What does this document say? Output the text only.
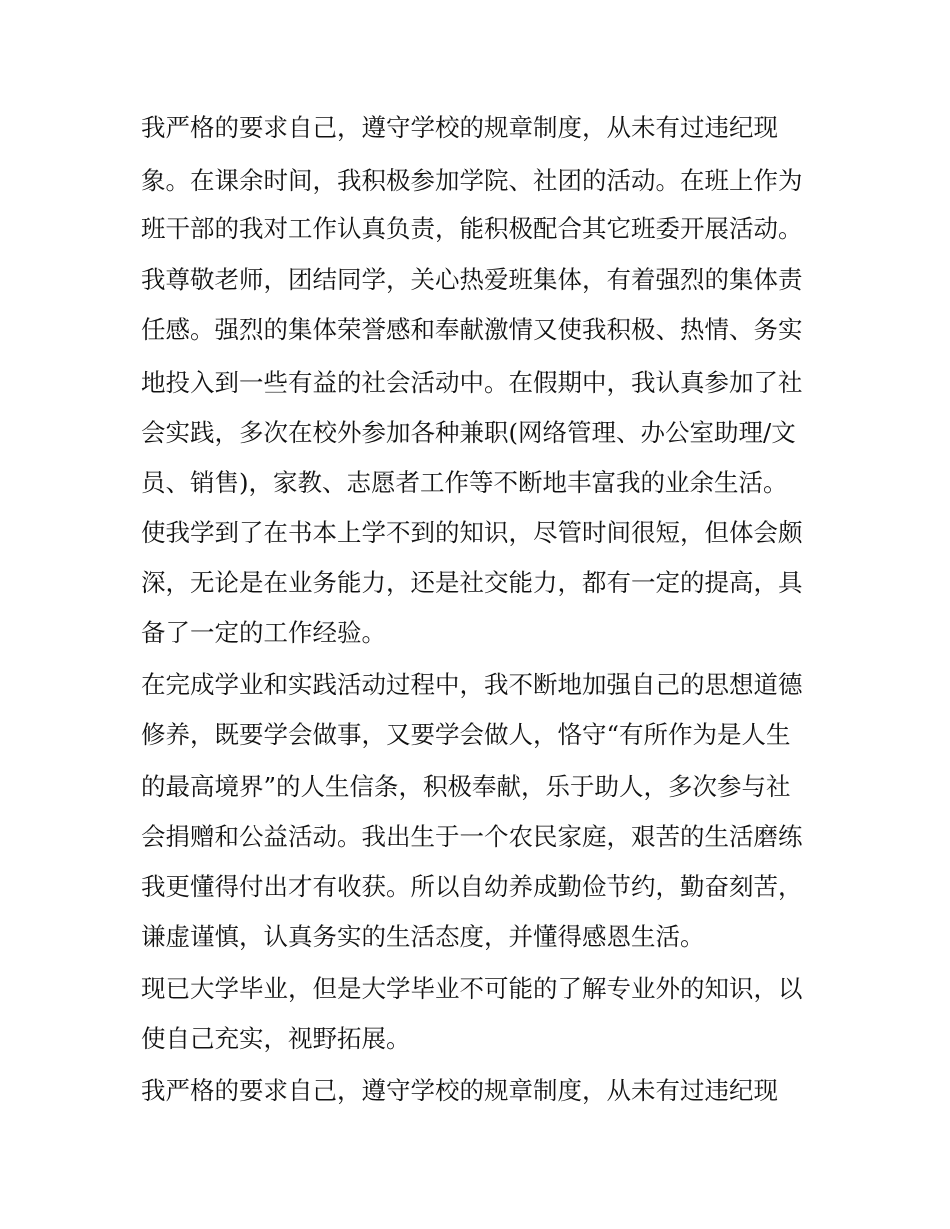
我严格的要求自己，遵守学校的规章制度，从未有过违纪现

象。在课余时间，我积极参加学院、社团的活动。在班上作为

班干部的我对工作认真负责，能积极配合其它班委开展活动。

我尊敬老师，团结同学，关心热爱班集体，有着强烈的集体责

任感。强烈的集体荣誉感和奉献激情又使我积极、热情、务实

地投入到一些有益的社会活动中。在假期中，我认真参加了社

会实践，多次在校外参加各种兼职(网络管理、办公室助理/文

员、销售)，家教、志愿者工作等不断地丰富我的业余生活。

使我学到了在书本上学不到的知识，尽管时间很短，但体会颇

深，无论是在业务能力，还是社交能力，都有一定的提高，具

备了一定的工作经验。

在完成学业和实践活动过程中，我不断地加强自己的思想道德

修养，既要学会做事，又要学会做人，恪守“有所作为是人生

的最高境界”的人生信条，积极奉献，乐于助人，多次参与社

会捐赠和公益活动。我出生于一个农民家庭，艰苦的生活磨练

我更懂得付出才有收获。所以自幼养成勤俭节约，勤奋刻苦，

谦虚谨慎，认真务实的生活态度，并懂得感恩生活。

现已大学毕业，但是大学毕业不可能的了解专业外的知识，以

使自己充实，视野拓展。

我严格的要求自己，遵守学校的规章制度，从未有过违纪现
